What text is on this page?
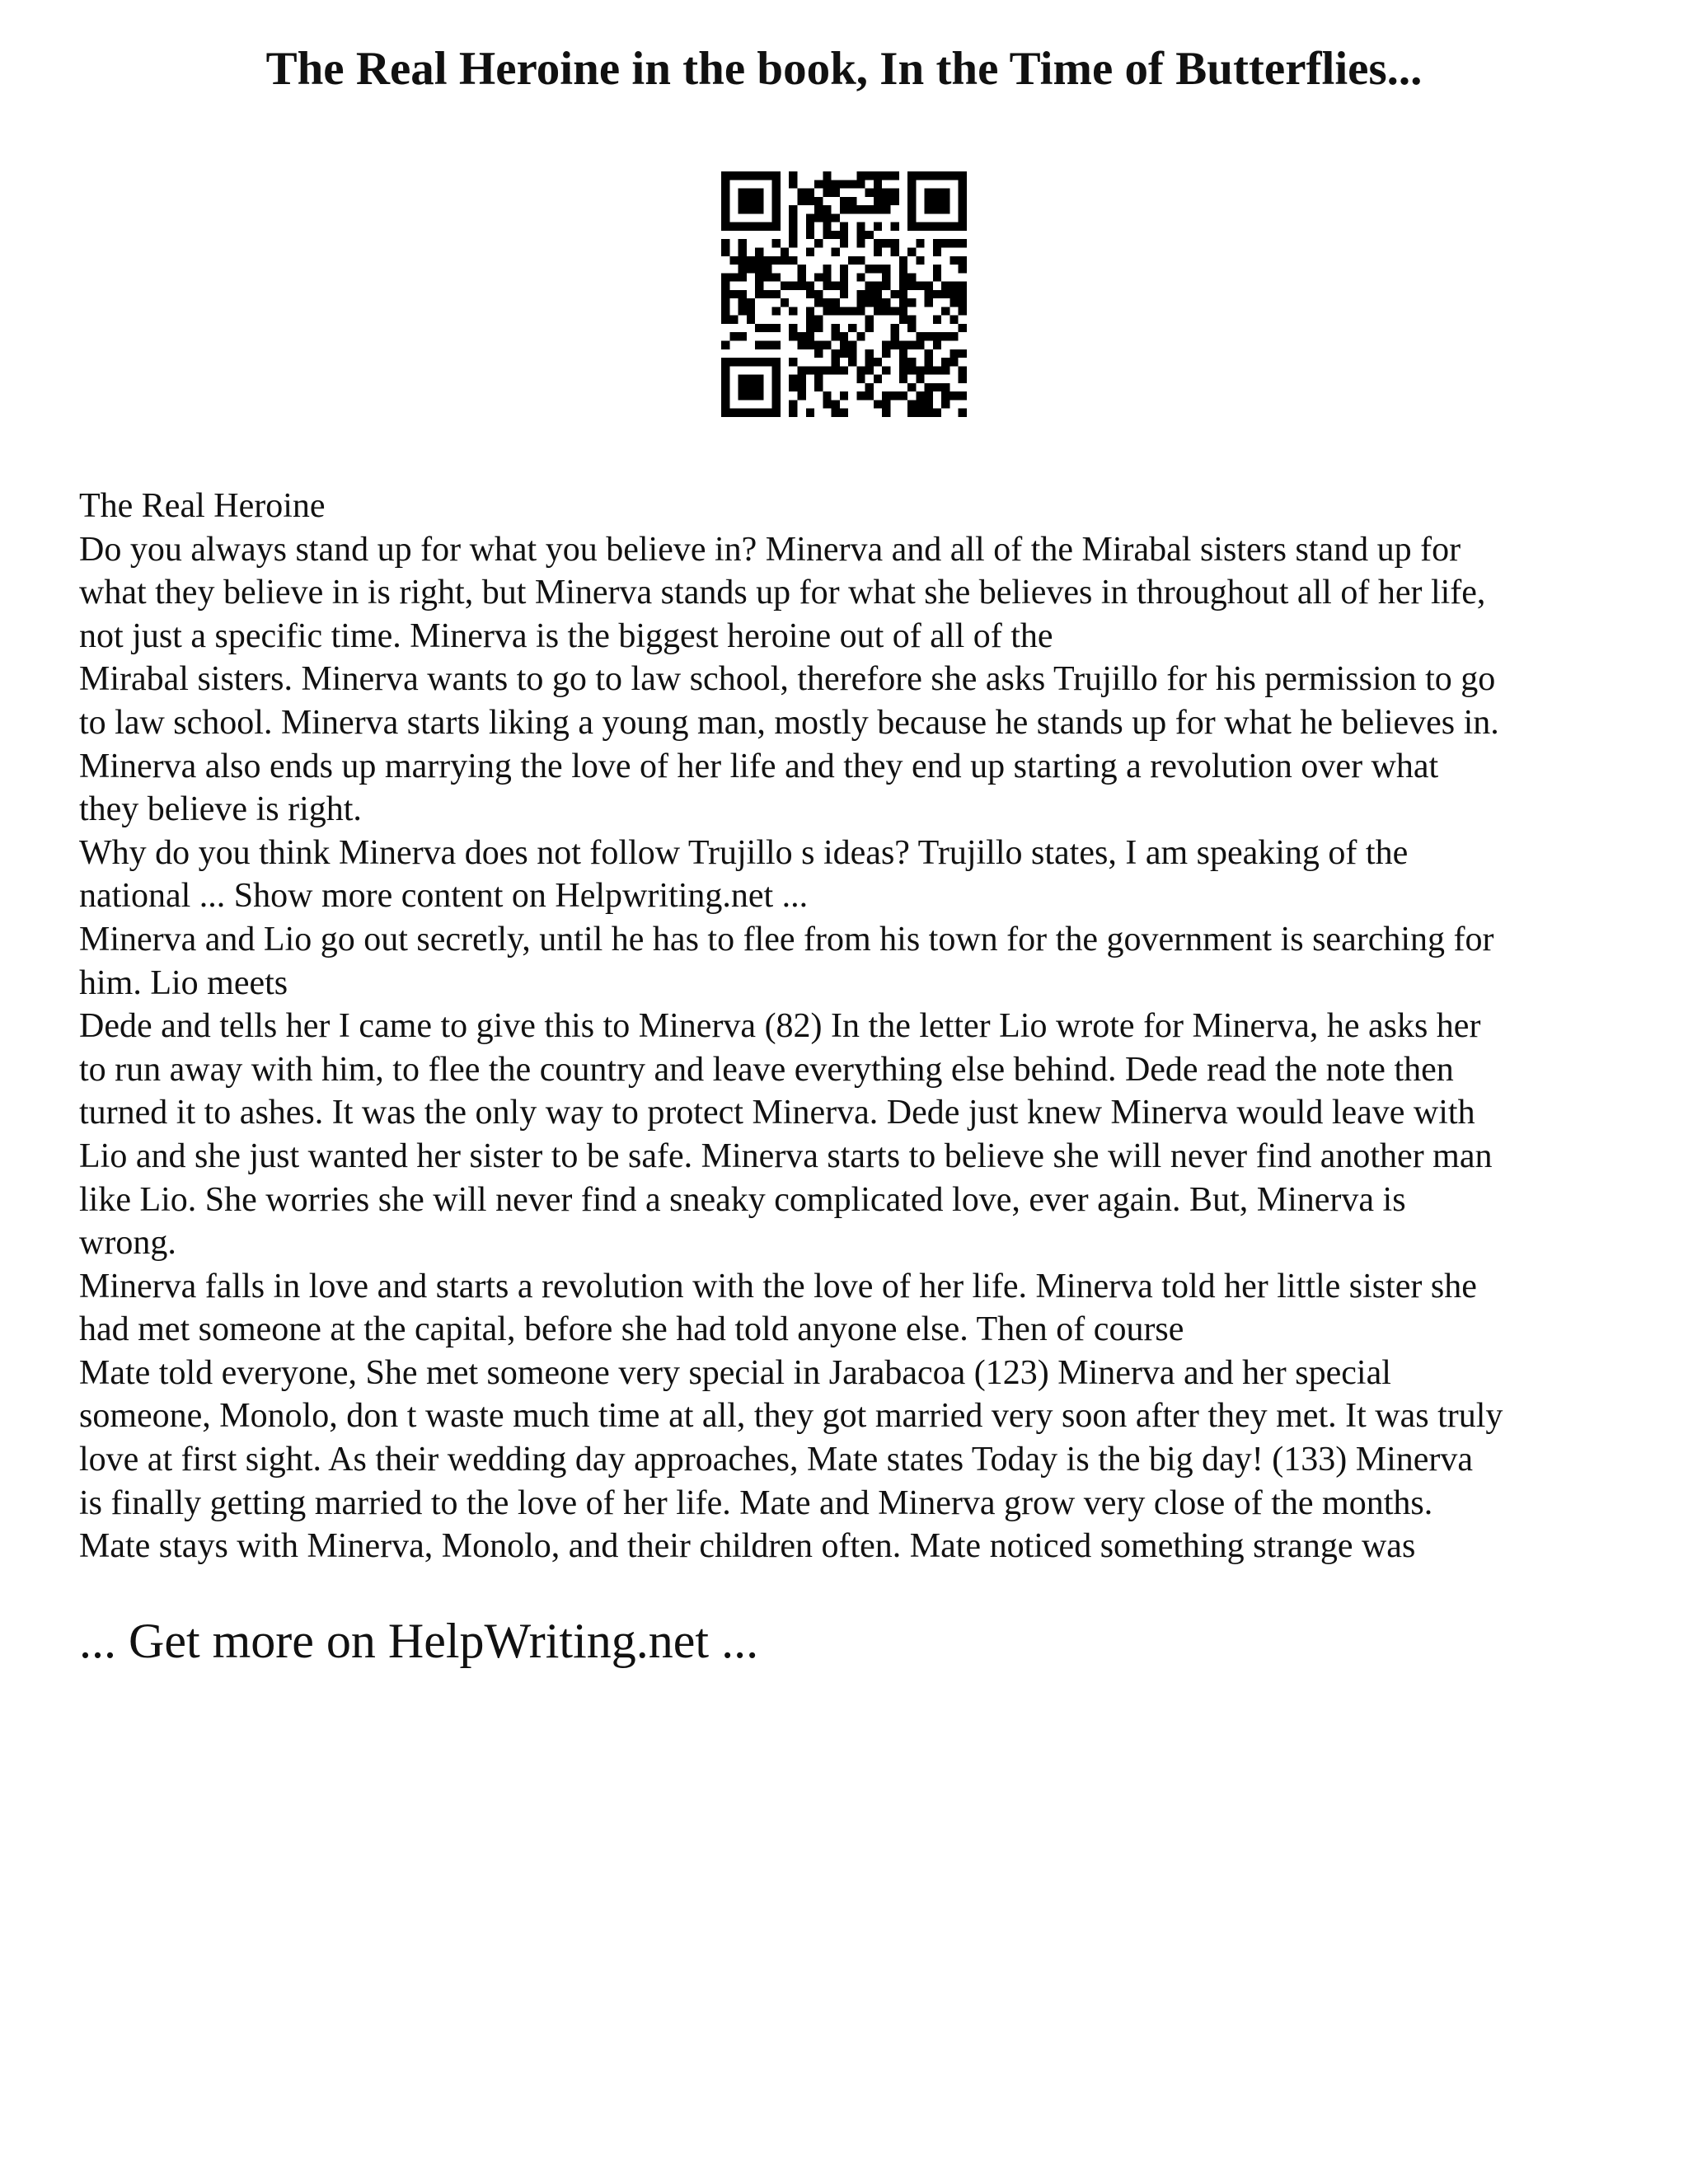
The Real Heroine in the book, In the Time of Butterflies...

The Real Heroine

Do you always stand up for what you believe in? Minerva and all of the Mirabal sisters stand up for

what they believe in is right, but Minerva stands up for what she believes in throughout all of her life,

not just a specific time. Minerva is the biggest heroine out of all of the

Mirabal sisters. Minerva wants to go to law school, therefore she asks Trujillo for his permission to go

to law school. Minerva starts liking a young man, mostly because he stands up for what he believes in.

Minerva also ends up marrying the love of her life and they end up starting a revolution over what

they believe is right.

Why do you think Minerva does not follow Trujillo s ideas? Trujillo states, I am speaking of the

national ... Show more content on Helpwriting.net ...

Minerva and Lio go out secretly, until he has to flee from his town for the government is searching for

him. Lio meets

Dede and tells her I came to give this to Minerva (82) In the letter Lio wrote for Minerva, he asks her

to run away with him, to flee the country and leave everything else behind. Dede read the note then

turned it to ashes. It was the only way to protect Minerva. Dede just knew Minerva would leave with

Lio and she just wanted her sister to be safe. Minerva starts to believe she will never find another man

like Lio. She worries she will never find a sneaky complicated love, ever again. But, Minerva is

wrong.

Minerva falls in love and starts a revolution with the love of her life. Minerva told her little sister she

had met someone at the capital, before she had told anyone else. Then of course

Mate told everyone, She met someone very special in Jarabacoa (123) Minerva and her special

someone, Monolo, don t waste much time at all, they got married very soon after they met. It was truly

love at first sight. As their wedding day approaches, Mate states Today is the big day! (133) Minerva

is finally getting married to the love of her life. Mate and Minerva grow very close of the months.

Mate stays with Minerva, Monolo, and their children often. Mate noticed something strange was

... Get more on HelpWriting.net ...
